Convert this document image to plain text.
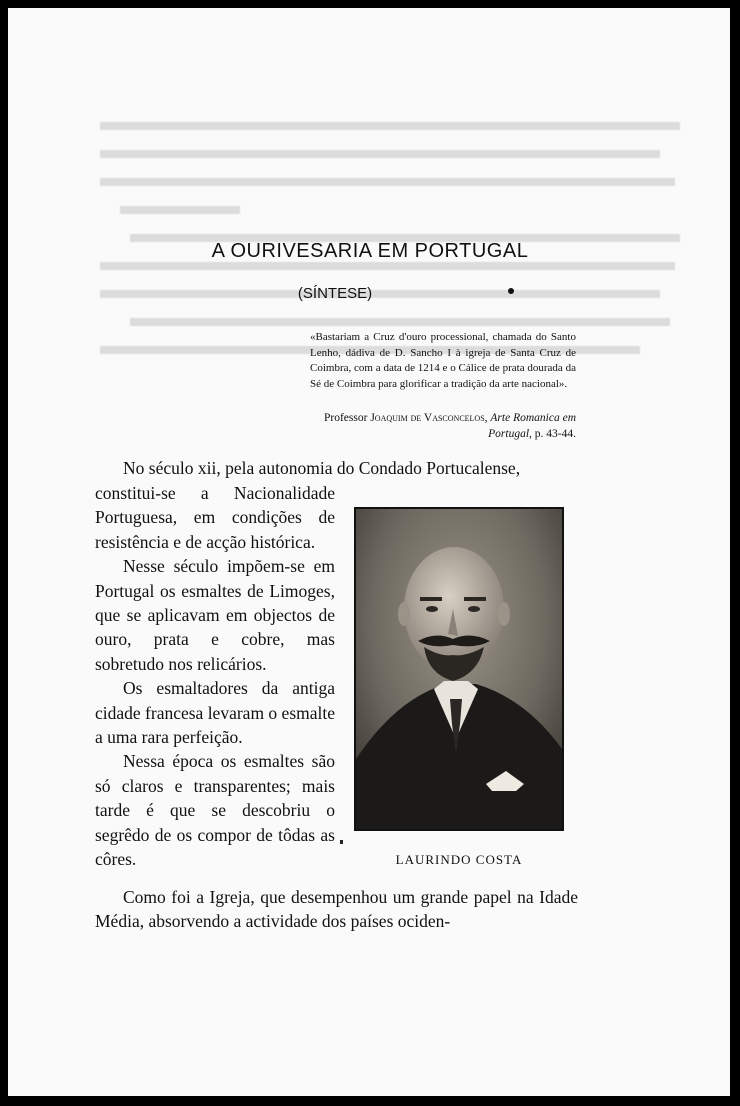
A OURIVESARIA EM PORTUGAL
(SÍNTESE)
«Bastariam a Cruz d'ouro processional, chamada do Santo Lenho, dádiva de D. Sancho I à igreja de Santa Cruz de Coimbra, com a data de 1214 e o Cálice de prata dourada da Sé de Coimbra para glorificar a tradição da arte nacional».
Professor Joaquim de Vasconcelos, Arte Romanica em Portugal, p. 43-44.

No século xii, pela autonomia do Condado Portucalense,

constitui-se a Nacionalidade Portuguesa, em condições de resistência e de acção histórica.

Nesse século impõem-se em Portugal os esmaltes de Limoges, que se aplicavam em objectos de ouro, prata e cobre, mas sobretudo nos relicários.

Os esmaltadores da antiga cidade francesa levaram o esmalte a uma rara perfeição.

Nessa época os esmaltes são só claros e transparentes; mais tarde é que se descobriu o segrêdo de os compor de tôdas as côres.	LAURINDO COSTA

Como foi a Igreja, que desempenhou um grande papel na Idade Média, absorvendo a actividade dos países ociden-
